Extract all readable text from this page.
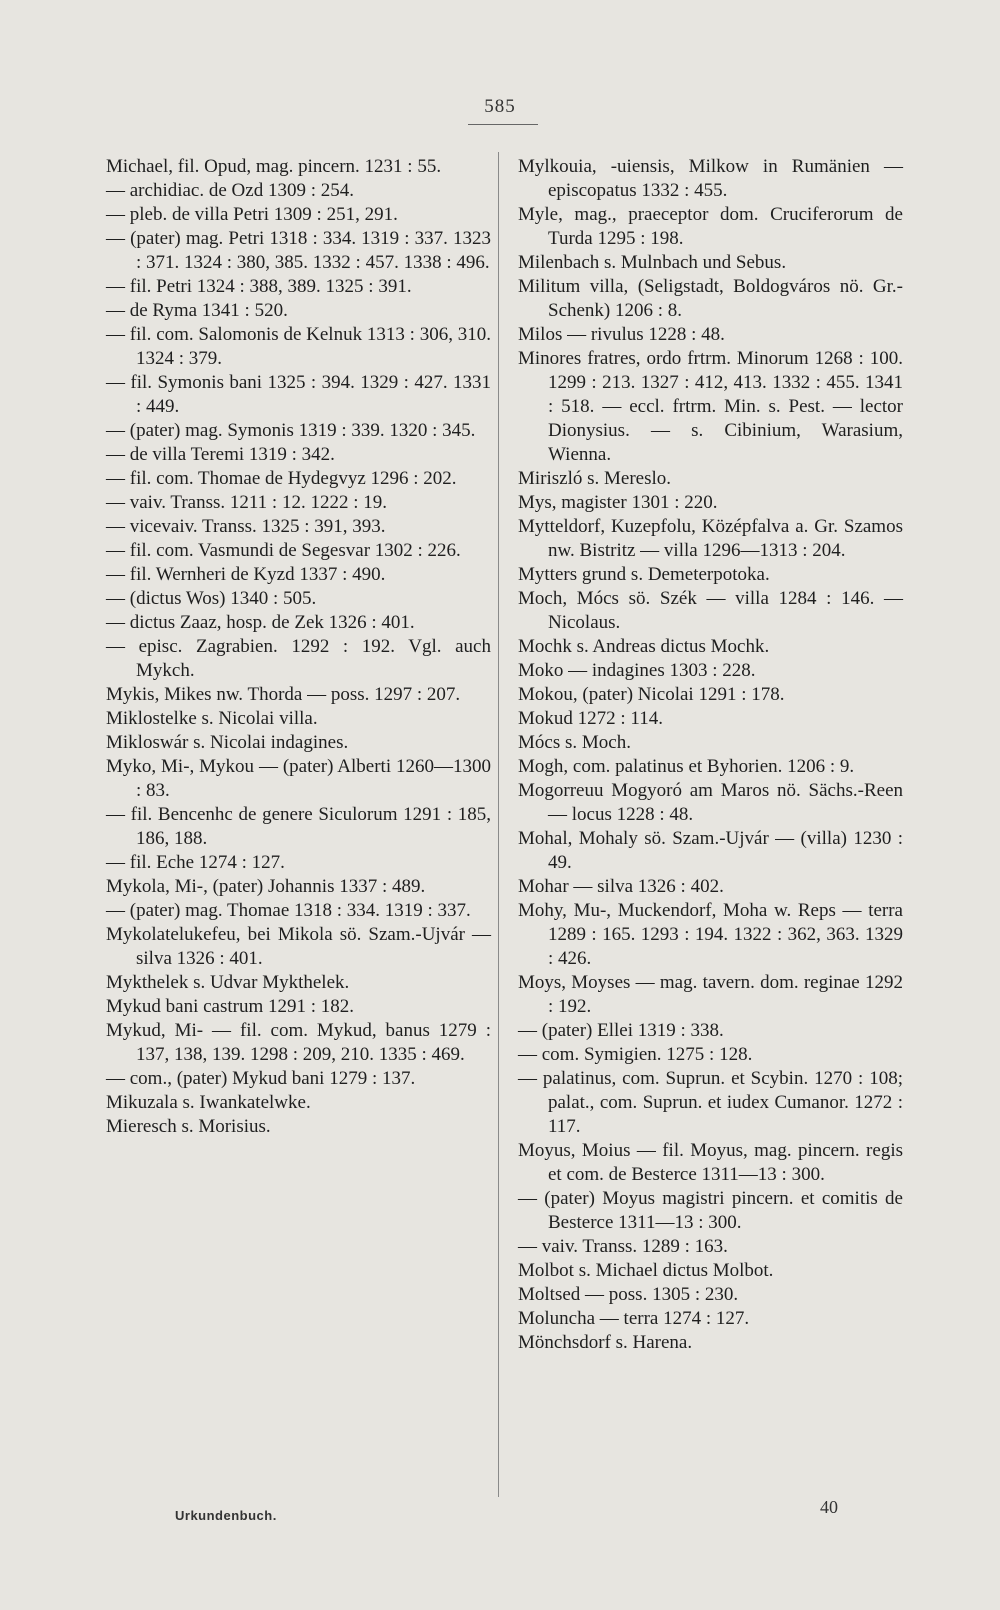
585

Michael, fil. Opud, mag. pincern. 1231 : 55.

— archidiac. de Ozd 1309 : 254.

— pleb. de villa Petri 1309 : 251, 291.

— (pater) mag. Petri 1318 : 334. 1319 : 337. 1323 : 371. 1324 : 380, 385. 1332 : 457. 1338 : 496.

— fil. Petri 1324 : 388, 389. 1325 : 391.

— de Ryma 1341 : 520.

— fil. com. Salomonis de Kelnuk 1313 : 306, 310. 1324 : 379.

— fil. Symonis bani 1325 : 394. 1329 : 427. 1331 : 449.

— (pater) mag. Symonis 1319 : 339. 1320 : 345.

— de villa Teremi 1319 : 342.

— fil. com. Thomae de Hydegvyz 1296 : 202.

— vaiv. Transs. 1211 : 12. 1222 : 19.

— vicevaiv. Transs. 1325 : 391, 393.

— fil. com. Vasmundi de Segesvar 1302 : 226.

— fil. Wernheri de Kyzd 1337 : 490.

— (dictus Wos) 1340 : 505.

— dictus Zaaz, hosp. de Zek 1326 : 401.

— episc. Zagrabien. 1292 : 192. Vgl. auch Mykch.

Mykis, Mikes nw. Thorda — poss. 1297 : 207.

Miklostelke s. Nicolai villa.

Mikloswár s. Nicolai indagines.

Myko, Mi-, Mykou — (pater) Alberti 1260—1300 : 83.

— fil. Bencenhc de genere Siculorum 1291 : 185, 186, 188.

— fil. Eche 1274 : 127.

Mykola, Mi-, (pater) Johannis 1337 : 489.

— (pater) mag. Thomae 1318 : 334. 1319 : 337.

Mykolatelukefeu, bei Mikola sö. Szam.-Ujvár — silva 1326 : 401.

Mykthelek s. Udvar Mykthelek.

Mykud bani castrum 1291 : 182.

Mykud, Mi- — fil. com. Mykud, banus 1279 : 137, 138, 139. 1298 : 209, 210. 1335 : 469.

— com., (pater) Mykud bani 1279 : 137.

Mikuzala s. Iwankatelwke.

Mieresch s. Morisius.

Mylkouia, -uiensis, Milkow in Rumänien — episcopatus 1332 : 455.

Myle, mag., praeceptor dom. Cruciferorum de Turda 1295 : 198.

Milenbach s. Mulnbach und Sebus.

Militum villa, (Seligstadt, Boldogváros nö. Gr.-Schenk) 1206 : 8.

Milos — rivulus 1228 : 48.

Minores fratres, ordo frtrm. Minorum 1268 : 100. 1299 : 213. 1327 : 412, 413. 1332 : 455. 1341 : 518. — eccl. frtrm. Min. s. Pest. — lector Dionysius. — s. Cibinium, Warasium, Wienna.

Miriszló s. Mereslo.

Mys, magister 1301 : 220.

Mytteldorf, Kuzepfolu, Középfalva a. Gr. Szamos nw. Bistritz — villa 1296—1313 : 204.

Mytters grund s. Demeterpotoka.

Moch, Mócs sö. Szék — villa 1284 : 146. — Nicolaus.

Mochk s. Andreas dictus Mochk.

Moko — indagines 1303 : 228.

Mokou, (pater) Nicolai 1291 : 178.

Mokud 1272 : 114.

Mócs s. Moch.

Mogh, com. palatinus et Byhorien. 1206 : 9.

Mogorreuu Mogyoró am Maros nö. Sächs.-Reen — locus 1228 : 48.

Mohal, Mohaly sö. Szam.-Ujvár — (villa) 1230 : 49.

Mohar — silva 1326 : 402.

Mohy, Mu-, Muckendorf, Moha w. Reps — terra 1289 : 165. 1293 : 194. 1322 : 362, 363. 1329 : 426.

Moys, Moyses — mag. tavern. dom. reginae 1292 : 192.

— (pater) Ellei 1319 : 338.

— com. Symigien. 1275 : 128.

— palatinus, com. Suprun. et Scybin. 1270 : 108; palat., com. Suprun. et iudex Cumanor. 1272 : 117.

Moyus, Moius — fil. Moyus, mag. pincern. regis et com. de Besterce 1311—13 : 300.

— (pater) Moyus magistri pincern. et comitis de Besterce 1311—13 : 300.

— vaiv. Transs. 1289 : 163.

Molbot s. Michael dictus Molbot.

Moltsed — poss. 1305 : 230.

Moluncha — terra 1274 : 127.

Mönchsdorf s. Harena.

Urkundenbuch.	40
